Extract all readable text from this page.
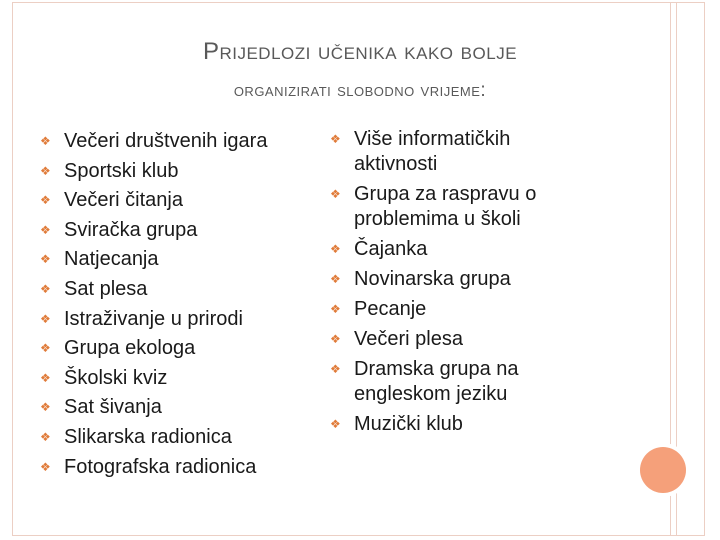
Prijedlozi učenika kako bolje
organizirati slobodno vrijeme:
❖ Večeri društvenih igara
❖ Sportski klub
❖ Večeri čitanja
❖ Sviračka grupa
❖ Natjecanja
❖ Sat plesa
❖ Istraživanje u prirodi
❖ Grupa ekologa
❖ Školski kviz
❖ Sat šivanja
❖ Slikarska radionica
❖ Fotografska radionica
❖ Više informatičkih aktivnosti
❖ Grupa za raspravu o problemima u školi
❖ Čajanka
❖ Novinarska grupa
❖ Pecanje
❖ Večeri plesa
❖ Dramska grupa na engleskom jeziku
❖ Muzički klub
